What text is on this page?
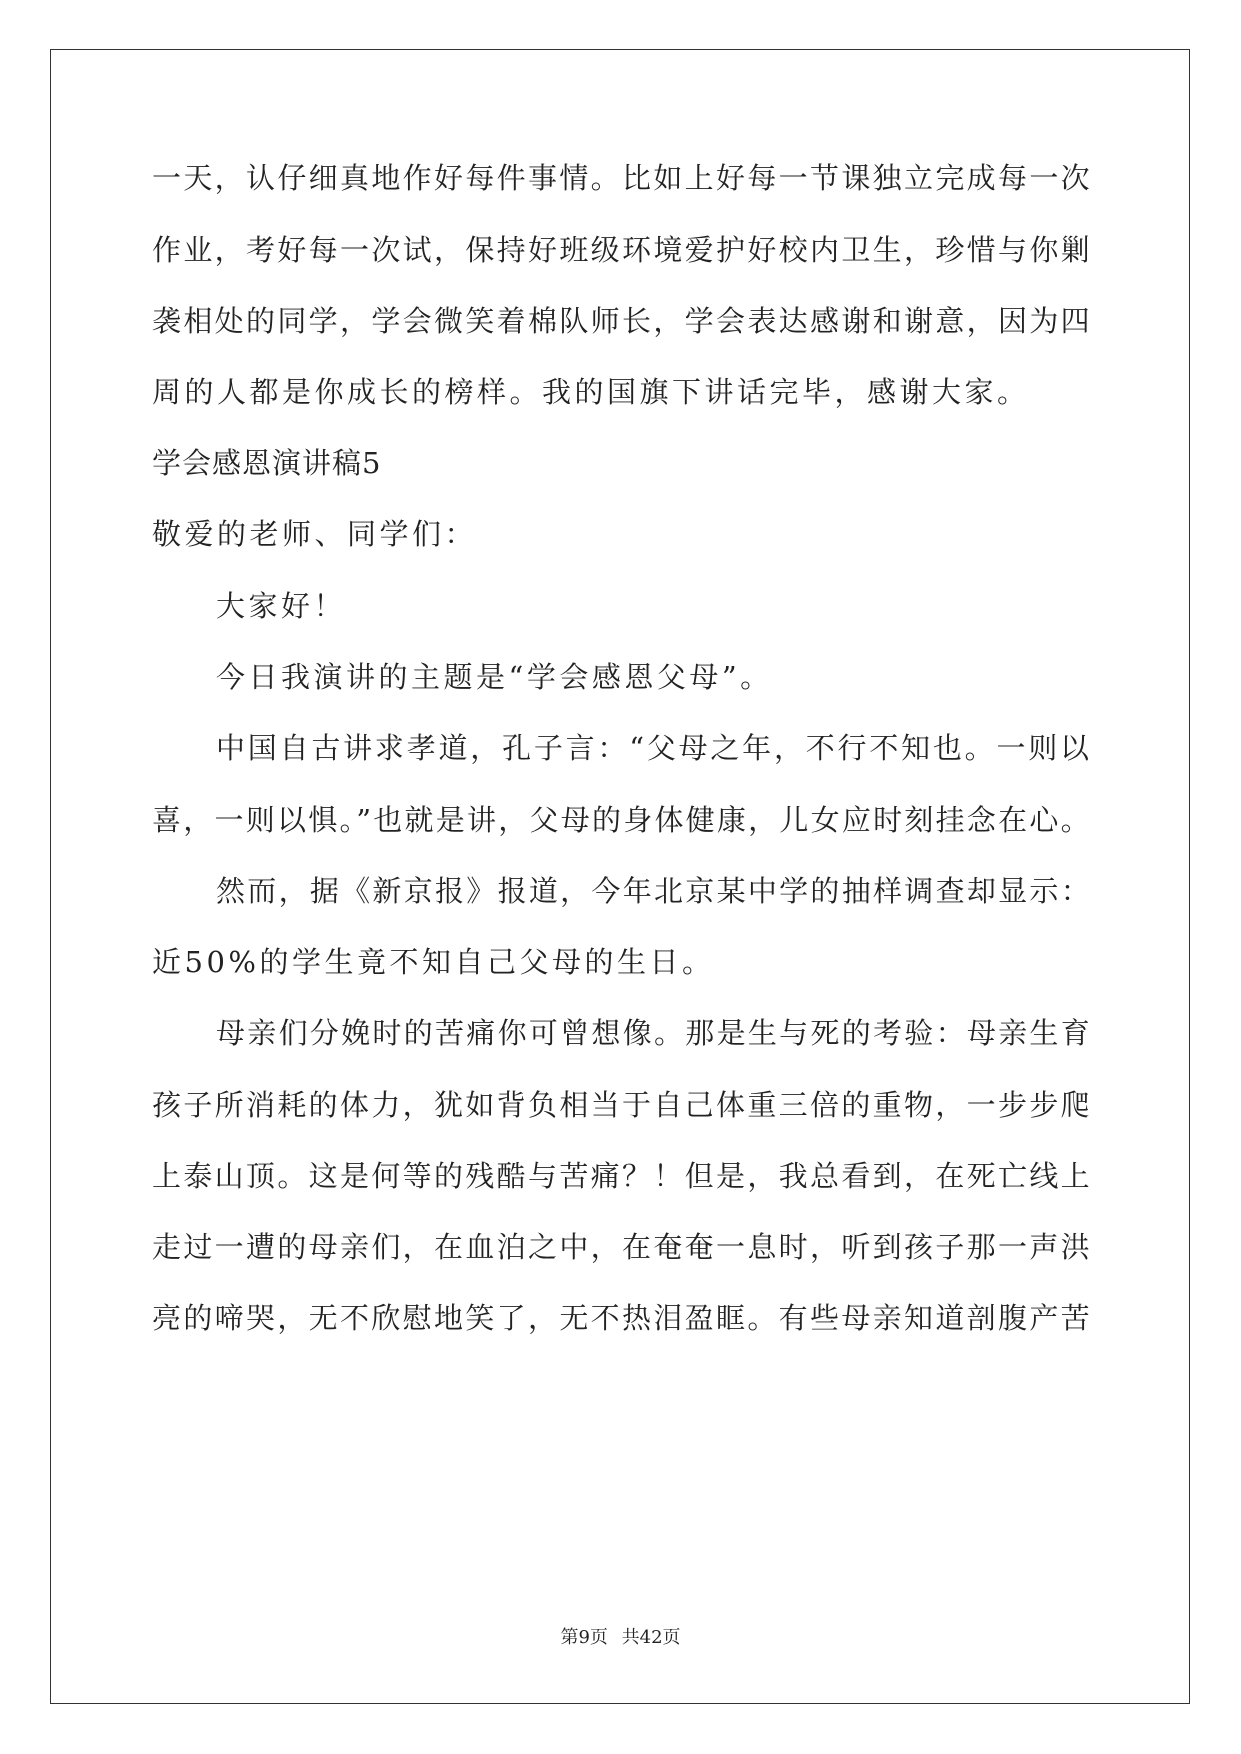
一天，认仔细真地作好每件事情。比如上好每一节课独立完成每一次
作业，考好每一次试，保持好班级环境爱护好校内卫生，珍惜与你剿
袭相处的同学，学会微笑着棉队师长，学会表达感谢和谢意，因为四
周的人都是你成长的榜样。我的国旗下讲话完毕，感谢大家。
学会感恩演讲稿5
敬爱的老师、同学们：
大家好！
今日我演讲的主题是“学会感恩父母”。
中国自古讲求孝道，孔子言：“父母之年，不行不知也。一则以
喜，一则以惧。”也就是讲，父母的身体健康，儿女应时刻挂念在心。
然而，据《新京报》报道，今年北京某中学的抽样调查却显示：
近50%的学生竟不知自己父母的生日。
母亲们分娩时的苦痛你可曾想像。那是生与死的考验：母亲生育
孩子所消耗的体力，犹如背负相当于自己体重三倍的重物，一步步爬
上泰山顶。这是何等的残酷与苦痛？！但是，我总看到，在死亡线上
走过一遭的母亲们，在血泊之中，在奄奄一息时，听到孩子那一声洪
亮的啼哭，无不欣慰地笑了，无不热泪盈眶。有些母亲知道剖腹产苦
第9页 共42页
